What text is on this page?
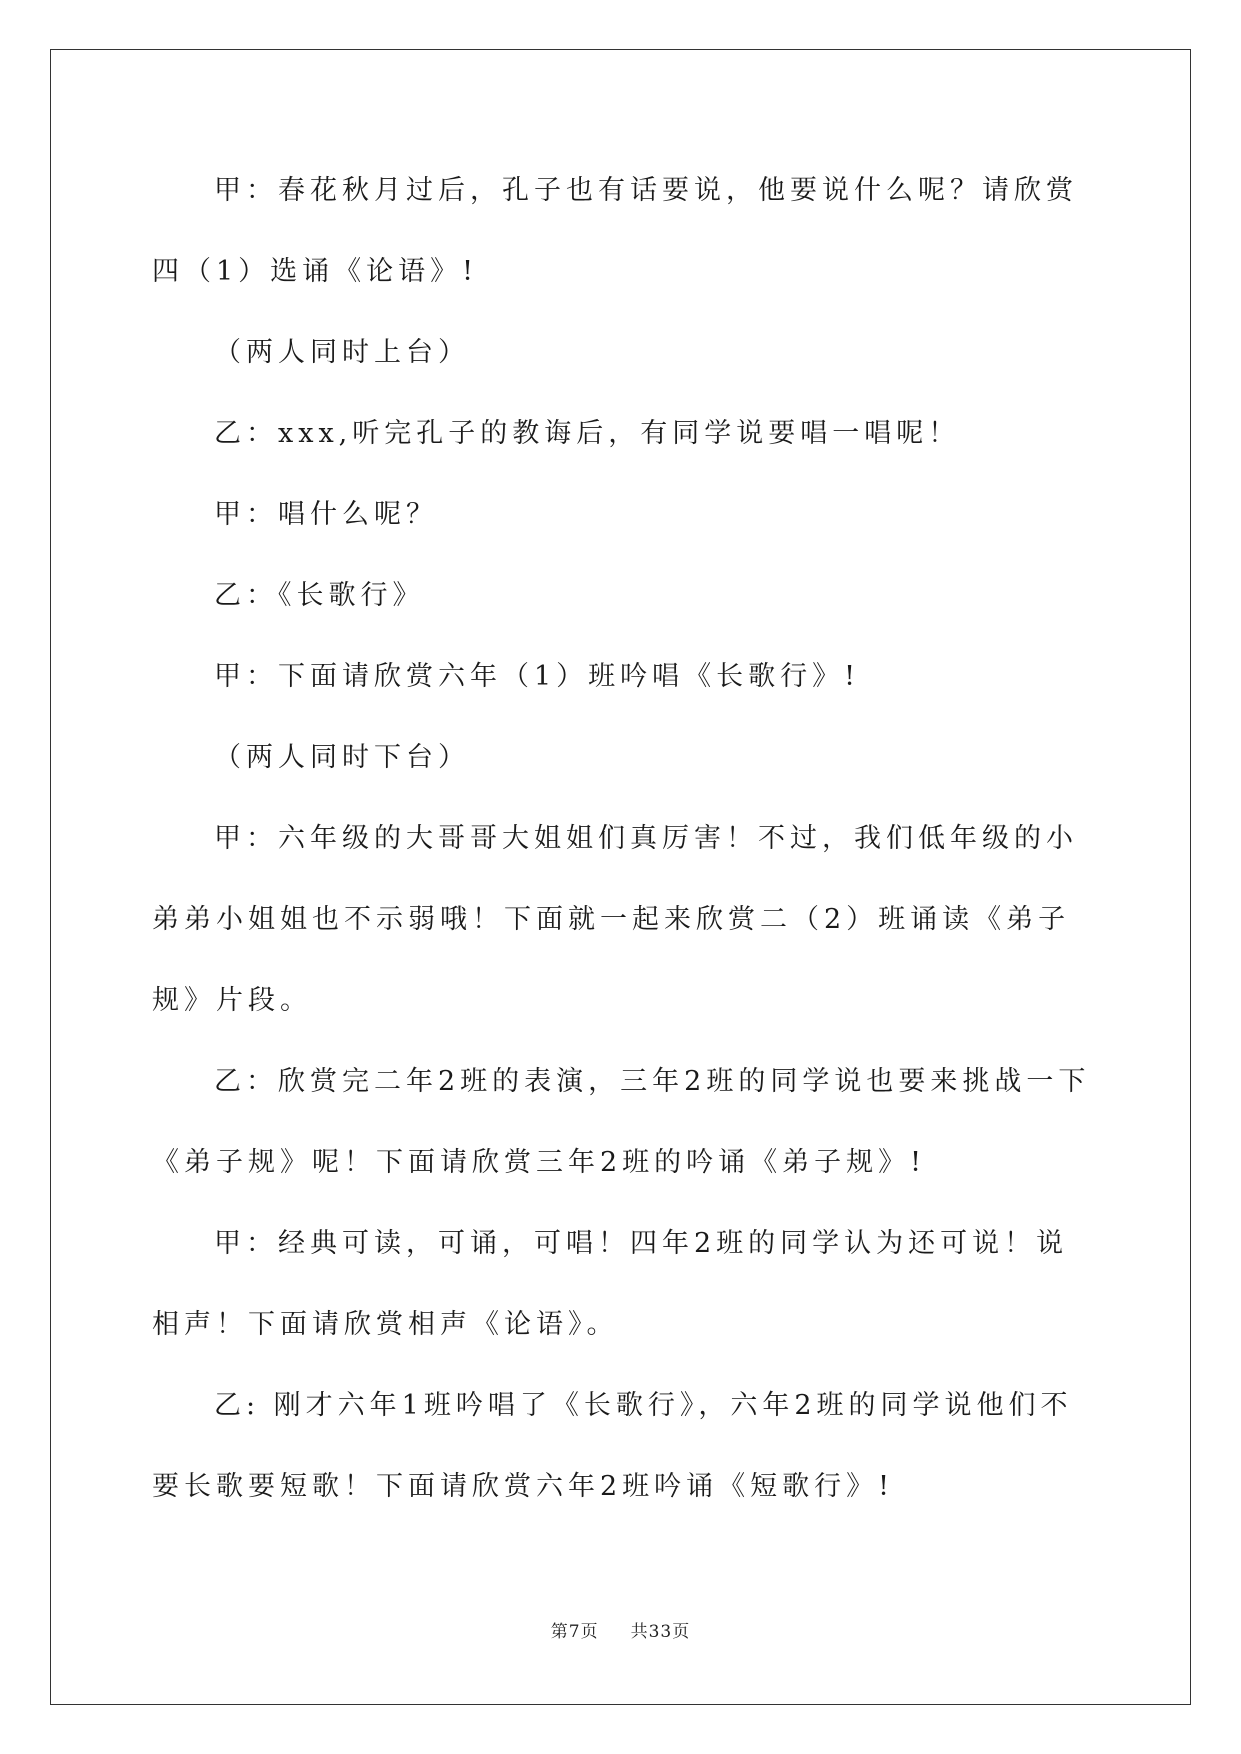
甲：春花秋月过后，孔子也有话要说，他要说什么呢？请欣赏四（1）选诵《论语》!

（两人同时上台）

乙：xxx,听完孔子的教诲后，有同学说要唱一唱呢！

甲：唱什么呢？

乙：《长歌行》

甲：下面请欣赏六年（1）班吟唱《长歌行》!

（两人同时下台）

甲：六年级的大哥哥大姐姐们真厉害！不过，我们低年级的小弟弟小姐姐也不示弱哦！下面就一起来欣赏二（2）班诵读《弟子规》片段。

乙：欣赏完二年2班的表演，三年2班的同学说也要来挑战一下《弟子规》呢！下面请欣赏三年2班的吟诵《弟子规》!

甲：经典可读，可诵，可唱！四年2班的同学认为还可说！说相声！下面请欣赏相声《论语》。

乙: 刚才六年1班吟唱了《长歌行》，六年2班的同学说他们不要长歌要短歌！下面请欣赏六年2班吟诵《短歌行》!

第7页 共33页
